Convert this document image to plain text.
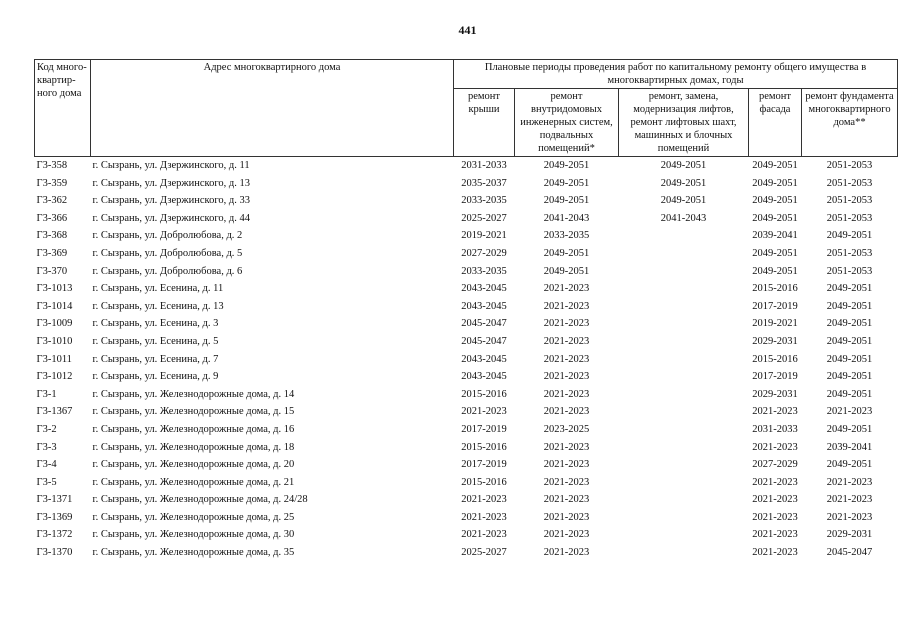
441
Код много-квартир-ного дома	Адрес многоквартирного дома	Плановые периоды проведения работ по капитальному ремонту общего имущества в многоквартирных домах, годы				
		ремонт крыши	ремонт внутридомовых инженерных систем, подвальных помещений*	ремонт, замена, модернизация лифтов, ремонт лифтовых шахт, машинных и блочных помещений	ремонт фасада	ремонт фундамента многоквартирного дома**
Г3-358	г. Сызрань, ул. Дзержинского, д. 11	2031-2033	2049-2051	2049-2051	2049-2051	2051-2053
Г3-359	г. Сызрань, ул. Дзержинского, д. 13	2035-2037	2049-2051	2049-2051	2049-2051	2051-2053
Г3-362	г. Сызрань, ул. Дзержинского, д. 33	2033-2035	2049-2051	2049-2051	2049-2051	2051-2053
Г3-366	г. Сызрань, ул. Дзержинского, д. 44	2025-2027	2041-2043	2041-2043	2049-2051	2051-2053
Г3-368	г. Сызрань, ул. Добролюбова, д. 2	2019-2021	2033-2035		2039-2041	2049-2051
Г3-369	г. Сызрань, ул. Добролюбова, д. 5	2027-2029	2049-2051		2049-2051	2051-2053
Г3-370	г. Сызрань, ул. Добролюбова, д. 6	2033-2035	2049-2051		2049-2051	2051-2053
Г3-1013	г. Сызрань, ул. Есенина, д. 11	2043-2045	2021-2023		2015-2016	2049-2051
Г3-1014	г. Сызрань, ул. Есенина, д. 13	2043-2045	2021-2023		2017-2019	2049-2051
Г3-1009	г. Сызрань, ул. Есенина, д. 3	2045-2047	2021-2023		2019-2021	2049-2051
Г3-1010	г. Сызрань, ул. Есенина, д. 5	2045-2047	2021-2023		2029-2031	2049-2051
Г3-1011	г. Сызрань, ул. Есенина, д. 7	2043-2045	2021-2023		2015-2016	2049-2051
Г3-1012	г. Сызрань, ул. Есенина, д. 9	2043-2045	2021-2023		2017-2019	2049-2051
Г3-1	г. Сызрань, ул. Железнодорожные дома, д. 14	2015-2016	2021-2023		2029-2031	2049-2051
Г3-1367	г. Сызрань, ул. Железнодорожные дома, д. 15	2021-2023	2021-2023		2021-2023	2021-2023
Г3-2	г. Сызрань, ул. Железнодорожные дома, д. 16	2017-2019	2023-2025		2031-2033	2049-2051
Г3-3	г. Сызрань, ул. Железнодорожные дома, д. 18	2015-2016	2021-2023		2021-2023	2039-2041
Г3-4	г. Сызрань, ул. Железнодорожные дома, д. 20	2017-2019	2021-2023		2027-2029	2049-2051
Г3-5	г. Сызрань, ул. Железнодорожные дома, д. 21	2015-2016	2021-2023		2021-2023	2021-2023
Г3-1371	г. Сызрань, ул. Железнодорожные дома, д. 24/28	2021-2023	2021-2023		2021-2023	2021-2023
Г3-1369	г. Сызрань, ул. Железнодорожные дома, д. 25	2021-2023	2021-2023		2021-2023	2021-2023
Г3-1372	г. Сызрань, ул. Железнодорожные дома, д. 30	2021-2023	2021-2023		2021-2023	2029-2031
Г3-1370	г. Сызрань, ул. Железнодорожные дома, д. 35	2025-2027	2021-2023		2021-2023	2045-2047
